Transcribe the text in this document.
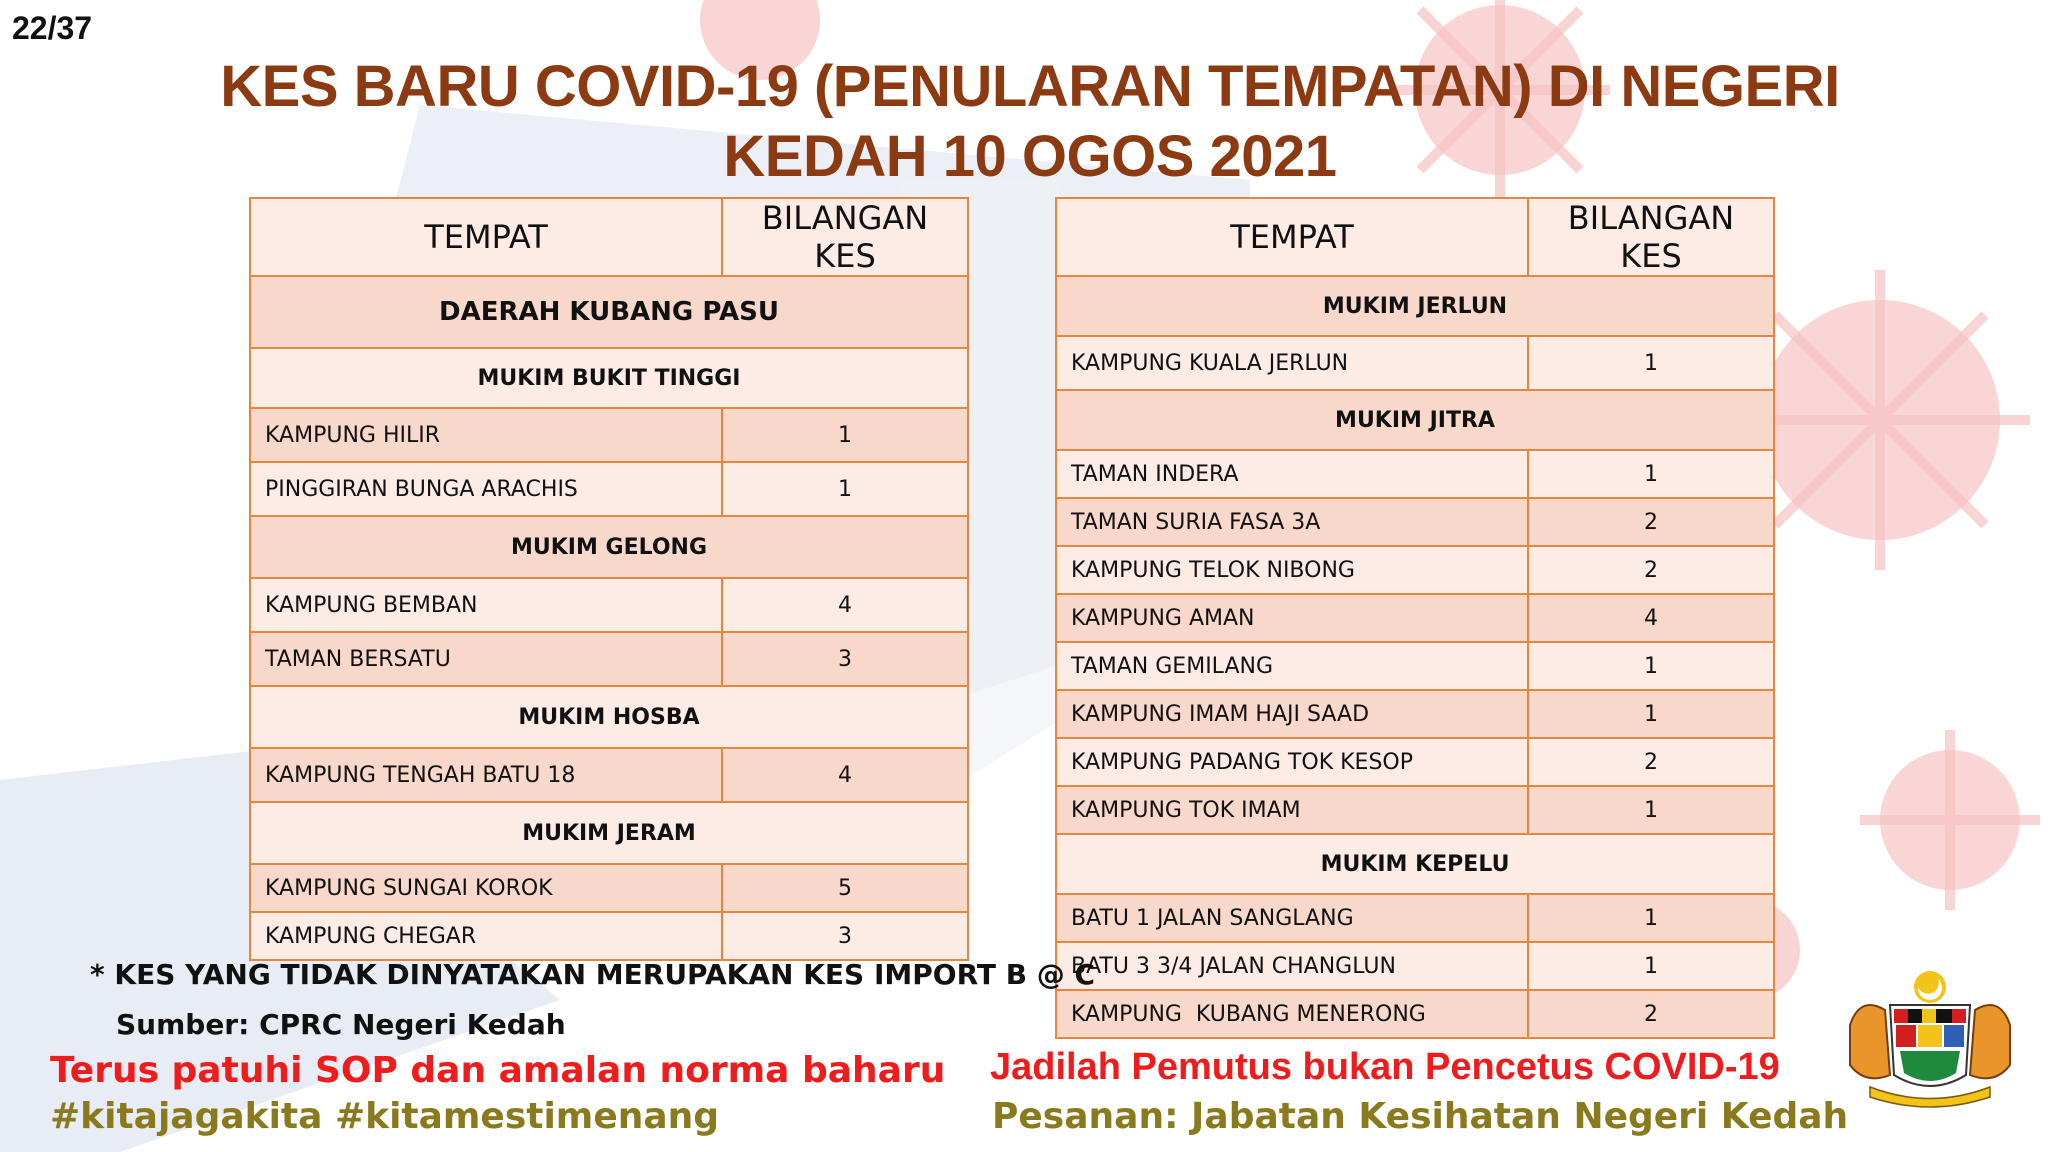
22/37
KES BARU COVID-19 (PENULARAN TEMPATAN) DI NEGERI
KEDAH 10 OGOS 2021
TEMPAT	BILANGAN KES
DAERAH KUBANG PASU	
MUKIM BUKIT TINGGI	
KAMPUNG HILIR	1
PINGGIRAN BUNGA ARACHIS	1
MUKIM GELONG	
KAMPUNG BEMBAN	4
TAMAN BERSATU	3
MUKIM HOSBA	
KAMPUNG TENGAH BATU 18	4
MUKIM JERAM	
KAMPUNG SUNGAI KOROK	5
KAMPUNG CHEGAR	3
TEMPAT	BILANGAN KES
MUKIM JERLUN	
KAMPUNG KUALA JERLUN	1
MUKIM JITRA	
TAMAN INDERA	1
TAMAN SURIA FASA 3A	2
KAMPUNG TELOK NIBONG	2
KAMPUNG AMAN	4
TAMAN GEMILANG	1
KAMPUNG IMAM HAJI SAAD	1
KAMPUNG PADANG TOK KESOP	2
KAMPUNG TOK IMAM	1
MUKIM KEPELU	
BATU 1 JALAN SANGLANG	1
BATU 3 3/4 JALAN CHANGLUN	1
KAMPUNG  KUBANG MENERONG	2
* KES YANG TIDAK DINYATAKAN MERUPAKAN KES IMPORT B @ C
Sumber: CPRC Negeri Kedah
Terus patuhi SOP dan amalan norma baharu
#kitajagakita #kitamestimenang
Jadilah Pemutus bukan Pencetus COVID-19
Pesanan: Jabatan Kesihatan Negeri Kedah
